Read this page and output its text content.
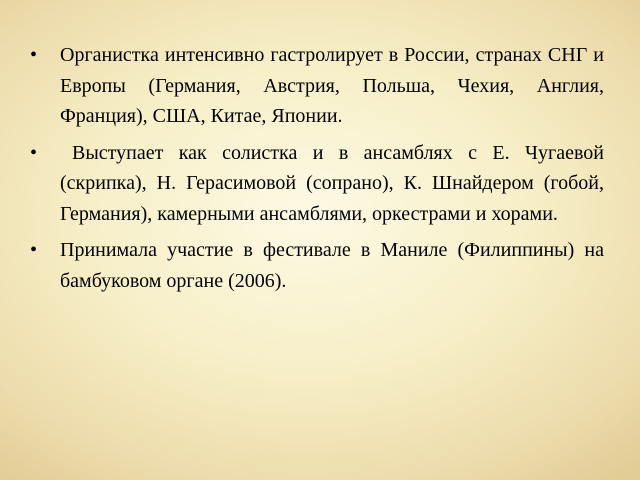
• Органистка интенсивно гастролирует в России, странах СНГ и Европы (Германия, Австрия, Польша, Чехия, Англия, Франция), США, Китае, Японии.
•	Выступает как солистка и в ансамблях с Е. Чугаевой (скрипка), Н. Герасимовой (сопрано), К. Шнайдером (гобой, Германия), камерными ансамблями, оркестрами и хорами.
• Принимала участие в фестивале в Маниле (Филиппины) на бамбуковом органе (2006).
